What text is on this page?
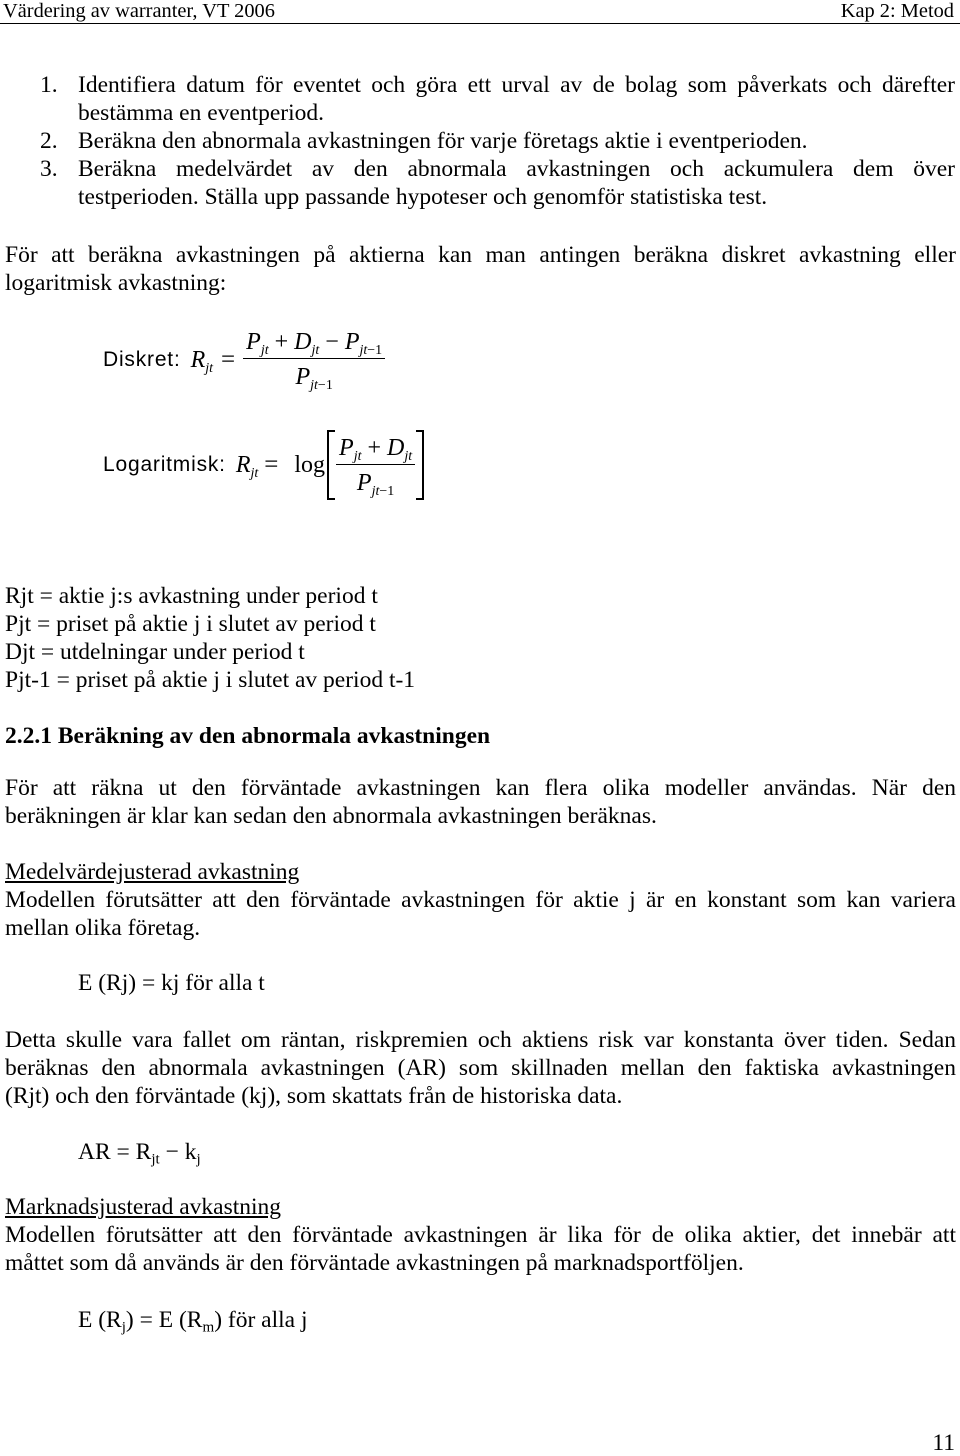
Värdering av warranter, VT 2006	Kap 2: Metod
1. Identifiera datum för eventet och göra ett urval av de bolag som påverkats och därefter
bestämma en eventperiod.
2. Beräkna den abnormala avkastningen för varje företags aktie i eventperioden.
3. Beräkna medelvärdet av den abnormala avkastningen och ackumulera dem över
testperioden. Ställa upp passande hypoteser och genomför statistiska test.
För att beräkna avkastningen på aktierna kan man antingen beräkna diskret avkastning eller
logaritmisk avkastning:
Diskret: $R_{jt} = \frac{P_{jt} + D_{jt} - P_{jt-1}}{P_{jt-1}}$
Logaritmisk: $R_{jt} = \log \frac{P_{jt} + D_{jt}}{P_{jt-1}}$
Rjt = aktie j:s avkastning under period t
Pjt = priset på aktie j i slutet av period t
Djt = utdelningar under period t
Pjt-1 = priset på aktie j i slutet av period t-1
2.2.1 Beräkning av den abnormala avkastningen
För att räkna ut den förväntade avkastningen kan flera olika modeller användas. När den
beräkningen är klar kan sedan den abnormala avkastningen beräknas.
Medelvärdejusterad avkastning
Modellen förutsätter att den förväntade avkastningen för aktie j är en konstant som kan variera
mellan olika företag.
E (Rj) = kj för alla t
Detta skulle vara fallet om räntan, riskpremien och aktiens risk var konstanta över tiden. Sedan
beräknas den abnormala avkastningen (AR) som skillnaden mellan den faktiska avkastningen
(Rjt) och den förväntade (kj), som skattats från de historiska data.
AR = Rjt − kj
Marknadsjusterad avkastning
Modellen förutsätter att den förväntade avkastningen är lika för de olika aktier, det innebär att
måttet som då används är den förväntade avkastningen på marknadsportföljen.
E (Rj) = E (Rm) för alla j
11
